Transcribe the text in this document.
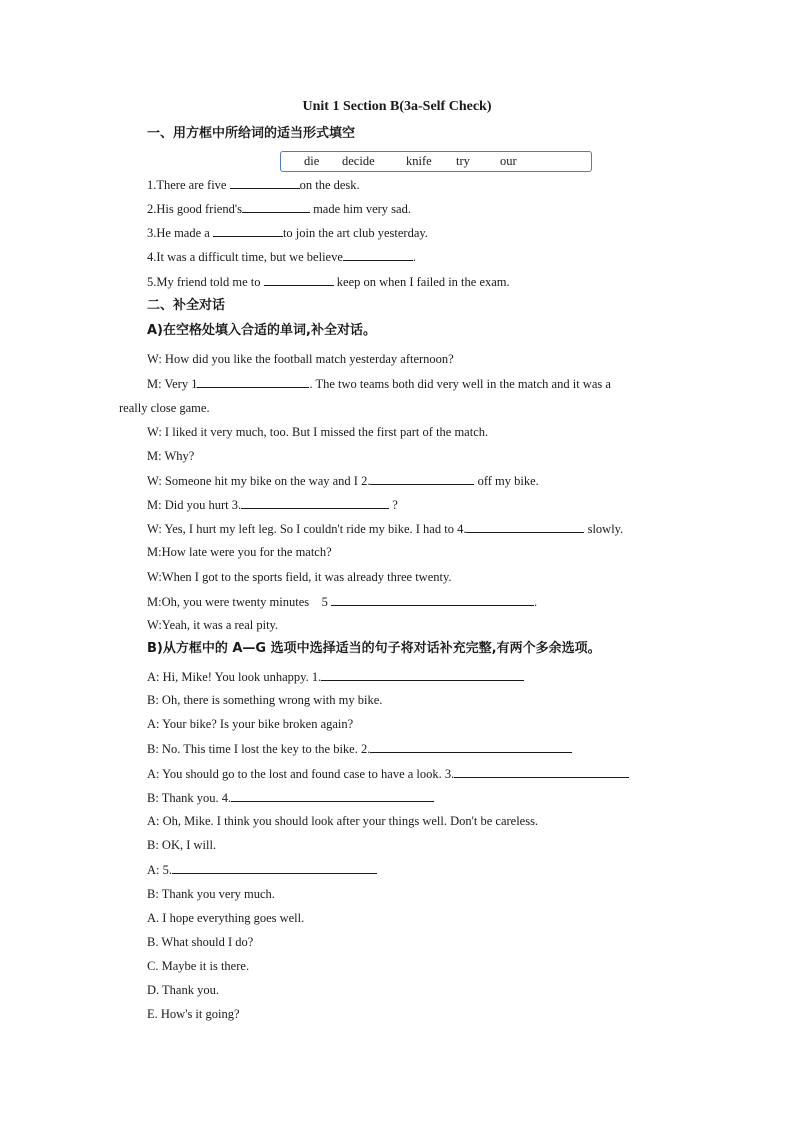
Unit 1 Section B(3a-Self Check)
一、用方框中所给词的适当形式填空
die decide	knife try our
1.There are five	on the desk.
2.His good friend's	made him very sad.
3.He made a	to join the art club yesterday.
4.It was a difficult time, but we believe	.
5.My friend told me to	keep on when I failed in the exam.
二、补全对话
A)在空格处填入合适的单词,补全对话。
W: How did you like the football match yesterday afternoon?
M: Very 1	. The two teams both did very well in the match and it was a
really close game.
W: I liked it very much, too. But I missed the first part of the match.
M: Why?
W: Someone hit my bike on the way and I 2.	off my bike.
M: Did you hurt 3.	?
W: Yes, I hurt my left leg. So I couldn't ride my bike. I had to 4.	slowly.
M:How late were you for the match?
W:When I got to the sports field, it was already three twenty.
M:Oh, you were twenty minutes    5	.
W:Yeah, it was a real pity.
B)从方框中的 A—G 选项中选择适当的句子将对话补充完整,有两个多余选项。
A: Hi, Mike! You look unhappy. 1.
B: Oh, there is something wrong with my bike.
A: Your bike? Is your bike broken again?
B: No. This time I lost the key to the bike. 2.
A: You should go to the lost and found case to have a look. 3.
B: Thank you. 4.
A: Oh, Mike. I think you should look after your things well. Don't be careless.
B: OK, I will.
A: 5.
B: Thank you very much.
A. I hope everything goes well.
B. What should I do?
C. Maybe it is there.
D. Thank you.
E. How's it going?
